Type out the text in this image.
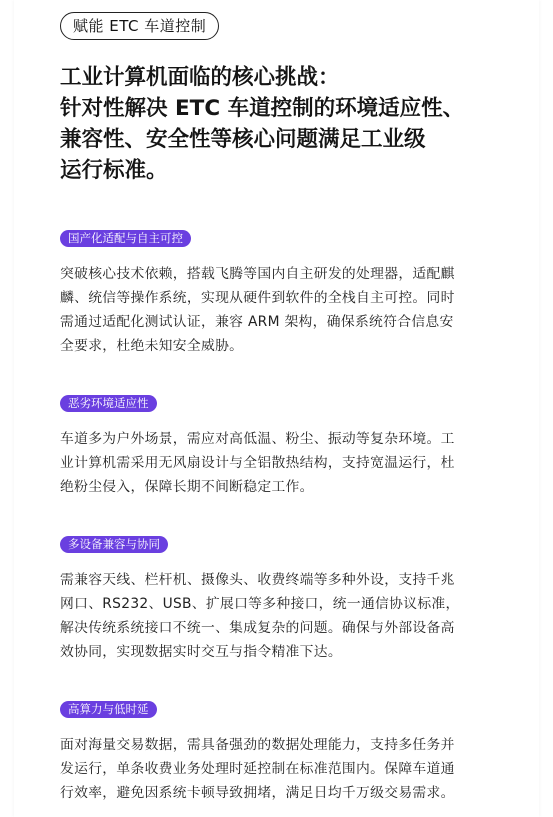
赋能 ETC 车道控制
工业计算机面临的核心挑战：
针对性解决 ETC 车道控制的环境适应性、
兼容性、安全性等核心问题满足工业级
运行标准。
国产化适配与自主可控
突破核心技术依赖，搭载飞腾等国内自主研发的处理器，适配麒
麟、统信等操作系统，实现从硬件到软件的全栈自主可控。同时
需通过适配化测试认证，兼容 ARM 架构，确保系统符合信息安
全要求，杜绝未知安全威胁。
恶劣环境适应性
车道多为户外场景，需应对高低温、粉尘、振动等复杂环境。工
业计算机需采用无风扇设计与全铝散热结构，支持宽温运行，杜
绝粉尘侵入，保障长期不间断稳定工作。
多设备兼容与协同
需兼容天线、栏杆机、摄像头、收费终端等多种外设，支持千兆
网口、RS232、USB、扩展口等多种接口，统一通信协议标准，
解决传统系统接口不统一、集成复杂的问题。确保与外部设备高
效协同，实现数据实时交互与指令精准下达。
高算力与低时延
面对海量交易数据，需具备强劲的数据处理能力，支持多任务并
发运行，单条收费业务处理时延控制在标准范围内。保障车道通
行效率，避免因系统卡顿导致拥堵，满足日均千万级交易需求。
